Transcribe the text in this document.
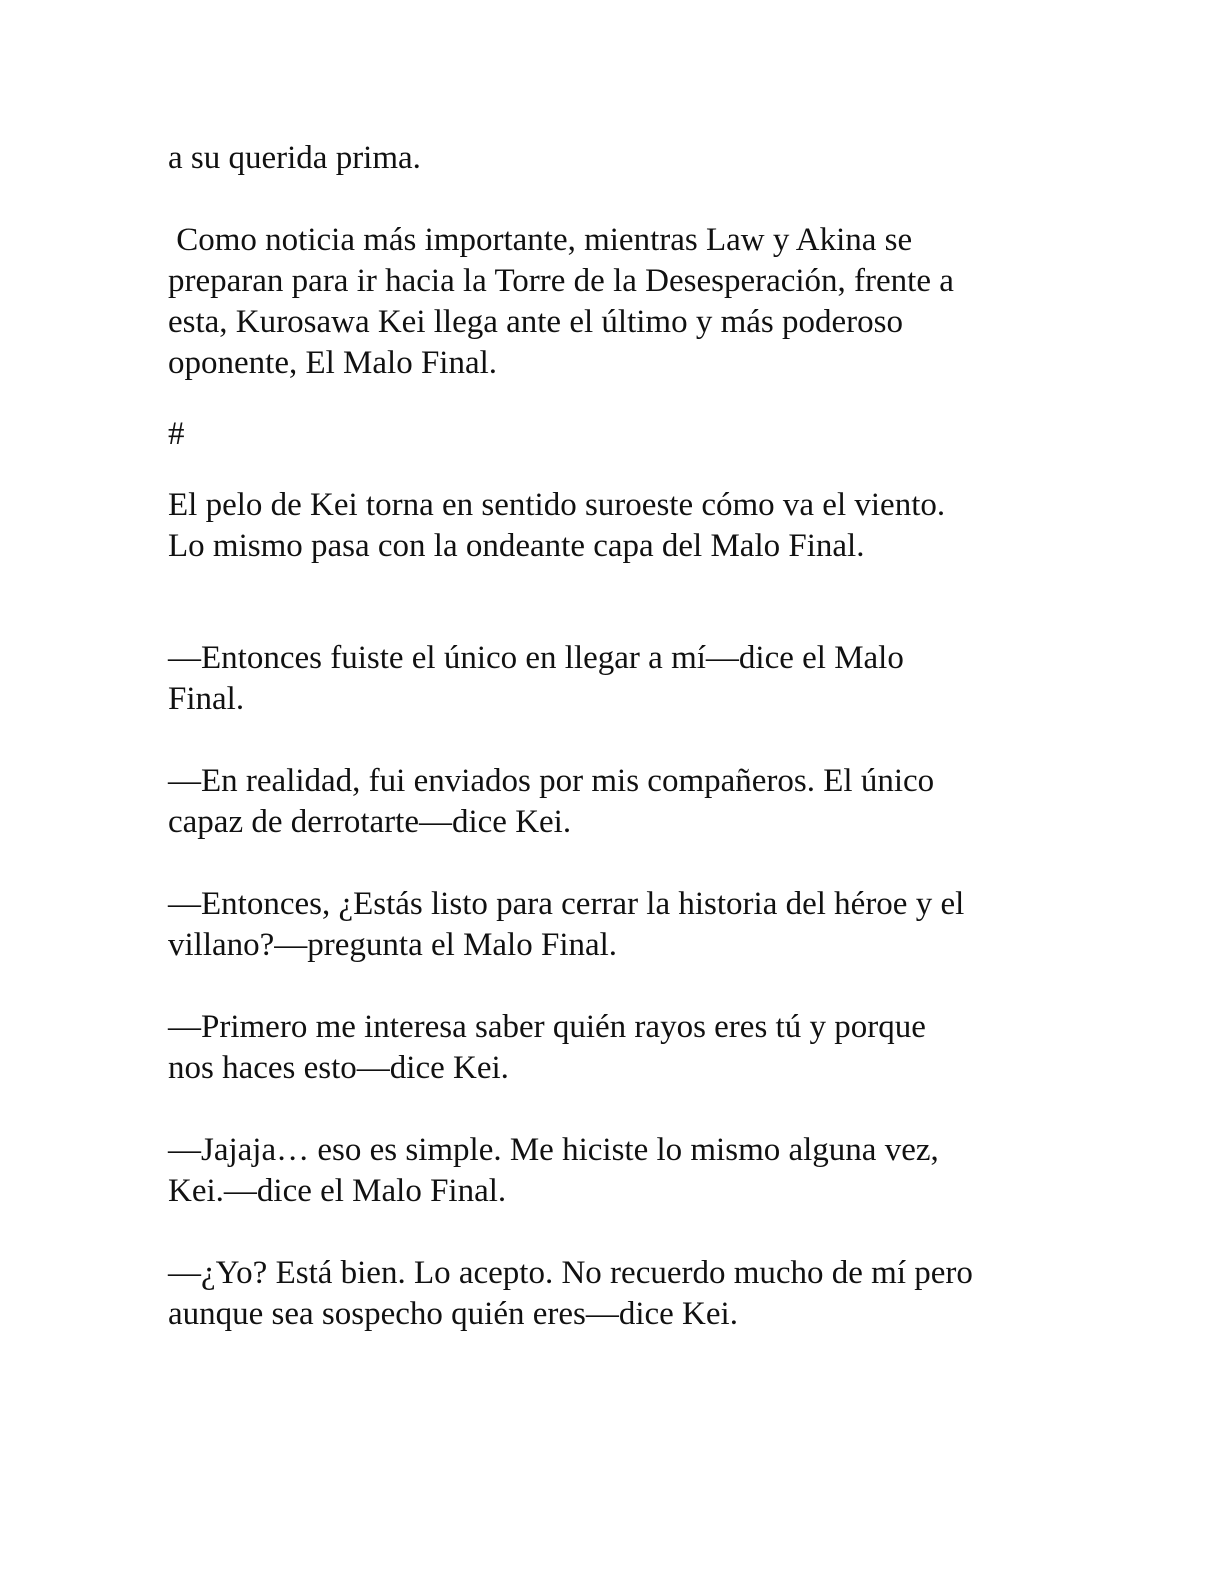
a su querida prima.

Como noticia más importante, mientras Law y Akina se
preparan para ir hacia la Torre de la Desesperación, frente a
esta, Kurosawa Kei llega ante el último y más poderoso
oponente, El Malo Final.

#

El pelo de Kei torna en sentido suroeste cómo va el viento.
Lo mismo pasa con la ondeante capa del Malo Final.

—Entonces fuiste el único en llegar a mí—dice el Malo
Final.

—En realidad, fui enviados por mis compañeros. El único
capaz de derrotarte—dice Kei.

—Entonces, ¿Estás listo para cerrar la historia del héroe y el
villano?—pregunta el Malo Final.

—Primero me interesa saber quién rayos eres tú y porque
nos haces esto—dice Kei.

—Jajaja… eso es simple. Me hiciste lo mismo alguna vez,
Kei.—dice el Malo Final.

—¿Yo? Está bien. Lo acepto. No recuerdo mucho de mí pero
aunque sea sospecho quién eres—dice Kei.
